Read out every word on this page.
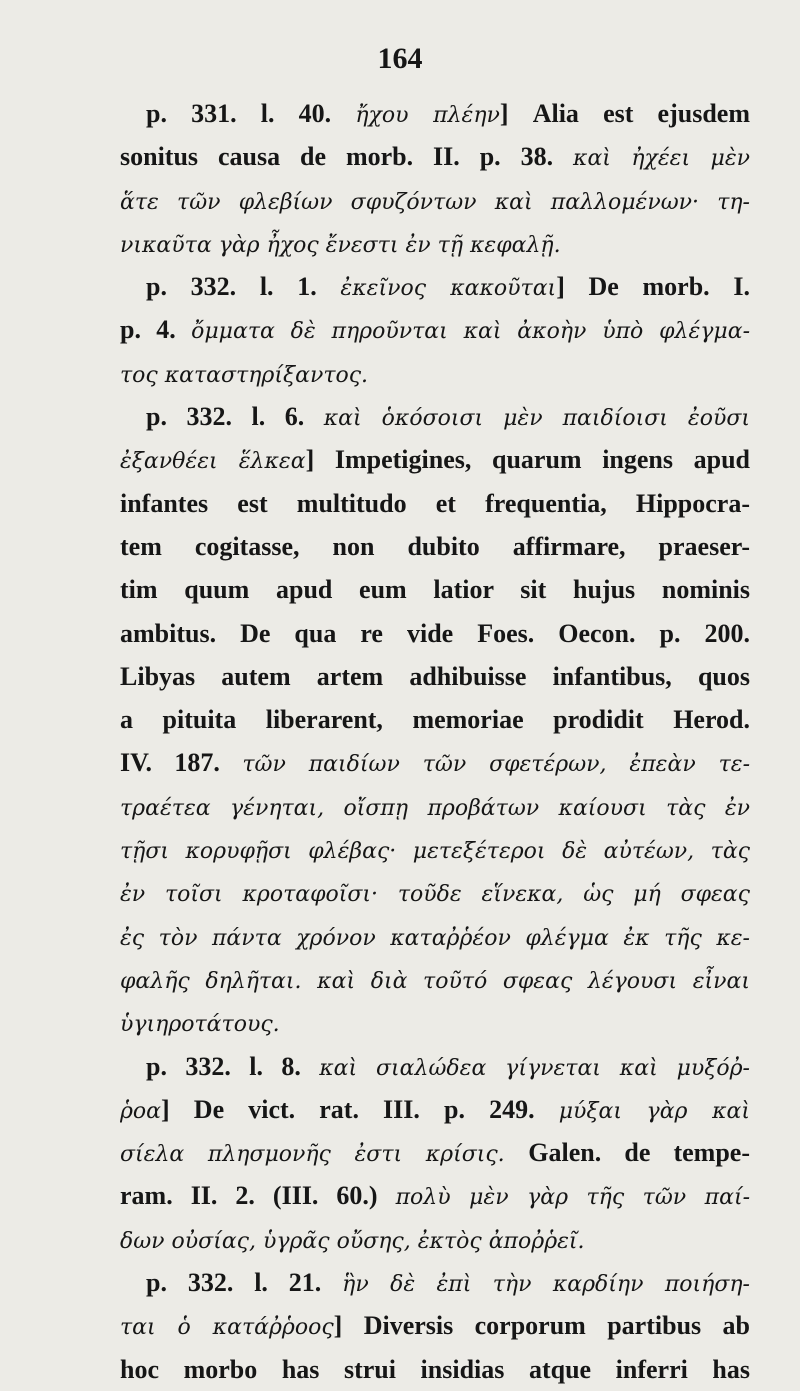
164
p. 331. l. 40. ἤχου πλέην] Alia est ejusdem
sonitus causa de morb. II. p. 38. καὶ ἠχέει μὲν
ἅτε τῶν φλεβίων σφυζόντων καὶ παλλομένων· τη-
νικαῦτα γὰρ ἦχος ἔνεστι ἐν τῇ κεφαλῇ.
p. 332. l. 1. ἐκεῖνος κακοῦται] De morb. I.
p. 4. ὄμματα δὲ πηροῦνται καὶ ἀκοὴν ὑπὸ φλέγμα-
τος καταστηρίξαντος.
p. 332. l. 6. καὶ ὁκόσοισι μὲν παιδίοισι ἐοῦσι
ἐξανθέει ἕλκεα] Impetigines, quarum ingens apud
infantes est multitudo et frequentia, Hippocra-
tem cogitasse, non dubito affirmare, praeser-
tim quum apud eum latior sit hujus nominis
ambitus. De qua re vide Foes. Oecon. p. 200.
Libyas autem artem adhibuisse infantibus, quos
a pituita liberarent, memoriae prodidit Herod.
IV. 187. τῶν παιδίων τῶν σφετέρων, ἐπεὰν τε-
τραέτεα γένηται, οἴσπῃ προβάτων καίουσι τὰς ἐν
τῇσι κορυφῇσι φλέβας· μετεξέτεροι δὲ αὐτέων, τὰς
ἐν τοῖσι κροταφοῖσι· τοῦδε εἵνεκα, ὡς μή σφεας
ἐς τὸν πάντα χρόνον καταῤῥέον φλέγμα ἐκ τῆς κε-
φαλῆς δηλῆται. καὶ διὰ τοῦτό σφεας λέγουσι εἶναι
ὑγιηροτάτους.
p. 332. l. 8. καὶ σιαλώδεα γίγνεται καὶ μυξόῤ-
ῥοα] De vict. rat. III. p. 249. μύξαι γὰρ καὶ
σίελα πλησμονῆς ἐστι κρίσις. Galen. de tempe-
ram. II. 2. (III. 60.) πολὺ μὲν γὰρ τῆς τῶν παί-
δων οὐσίας, ὑγρᾶς οὔσης, ἐκτὸς ἀποῤῥεῖ.
p. 332. l. 21. ἣν δὲ ἐπὶ τὴν καρδίην ποιήση-
ται ὁ κατάῤῥοος] Diversis corporum partibus ab
hoc morbo has strui insidias atque inferri has
